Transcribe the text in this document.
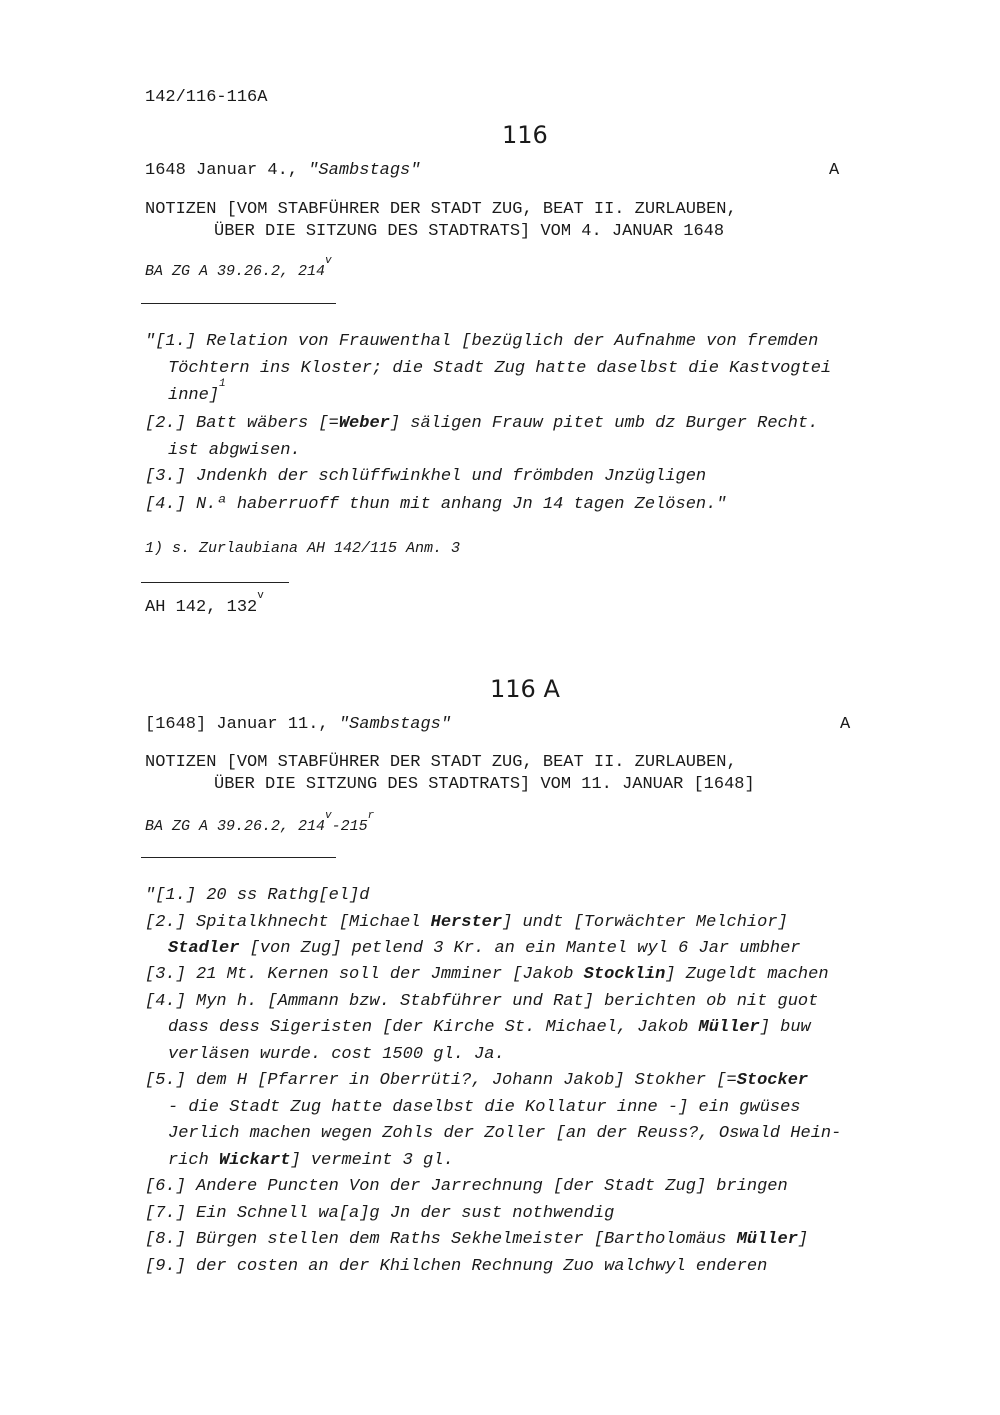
142/116-116A
116
1648 Januar 4., "Sambstags"	A
NOTIZEN [VOM STABFÜHRER DER STADT ZUG, BEAT II. ZURLAUBEN,
ÜBER DIE SITZUNG DES STADTRATS] VOM 4. JANUAR 1648
BA ZG A 39.26.2, 214$^v$
"[1.] Relation von Frauwenthal [bezüglich der Aufnahme von fremden
Töchtern ins Kloster; die Stadt Zug hatte daselbst die Kastvogtei
inne]$^1$
[2.] Batt wäbers [=Weber] säligen Frauw pitet umb dz Burger Recht.
ist abgwisen.
[3.] Jndenkh der schlüffwinkhel und frömbden Jnzügligen
[4.] N.ª haberruoff thun mit anhang Jn 14 tagen Zelösen."
1) s. Zurlaubiana AH 142/115 Anm. 3
AH 142, 132$^v$
116 A
[1648] Januar 11., "Sambstags"	A
NOTIZEN [VOM STABFÜHRER DER STADT ZUG, BEAT II. ZURLAUBEN,
ÜBER DIE SITZUNG DES STADTRATS] VOM 11. JANUAR [1648]
BA ZG A 39.26.2, 214$^v$-215$^r$
"[1.] 20 ss Rathg[el]d
[2.] Spitalkhnecht [Michael Herster] undt [Torwächter Melchior]
Stadler [von Zug] petlend 3 Kr. an ein Mantel wyl 6 Jar umbher
[3.] 21 Mt. Kernen soll der Jmminer [Jakob Stocklin] Zugeldt machen
[4.] Myn h. [Ammann bzw. Stabführer und Rat] berichten ob nit guot
dass dess Sigeristen [der Kirche St. Michael, Jakob Müller] buw
verläsen wurde. cost 1500 gl. Ja.
[5.] dem H [Pfarrer in Oberrüti?, Johann Jakob] Stokher [=Stocker
- die Stadt Zug hatte daselbst die Kollatur inne -] ein gwüses
Jerlich machen wegen Zohls der Zoller [an der Reuss?, Oswald Hein-
rich Wickart] vermeint 3 gl.
[6.] Andere Puncten Von der Jarrechnung [der Stadt Zug] bringen
[7.] Ein Schnell wa[a]g Jn der sust nothwendig
[8.] Bürgen stellen dem Raths Sekhelmeister [Bartholomäus Müller]
[9.] der costen an der Khilchen Rechnung Zuo walchwyl enderen
